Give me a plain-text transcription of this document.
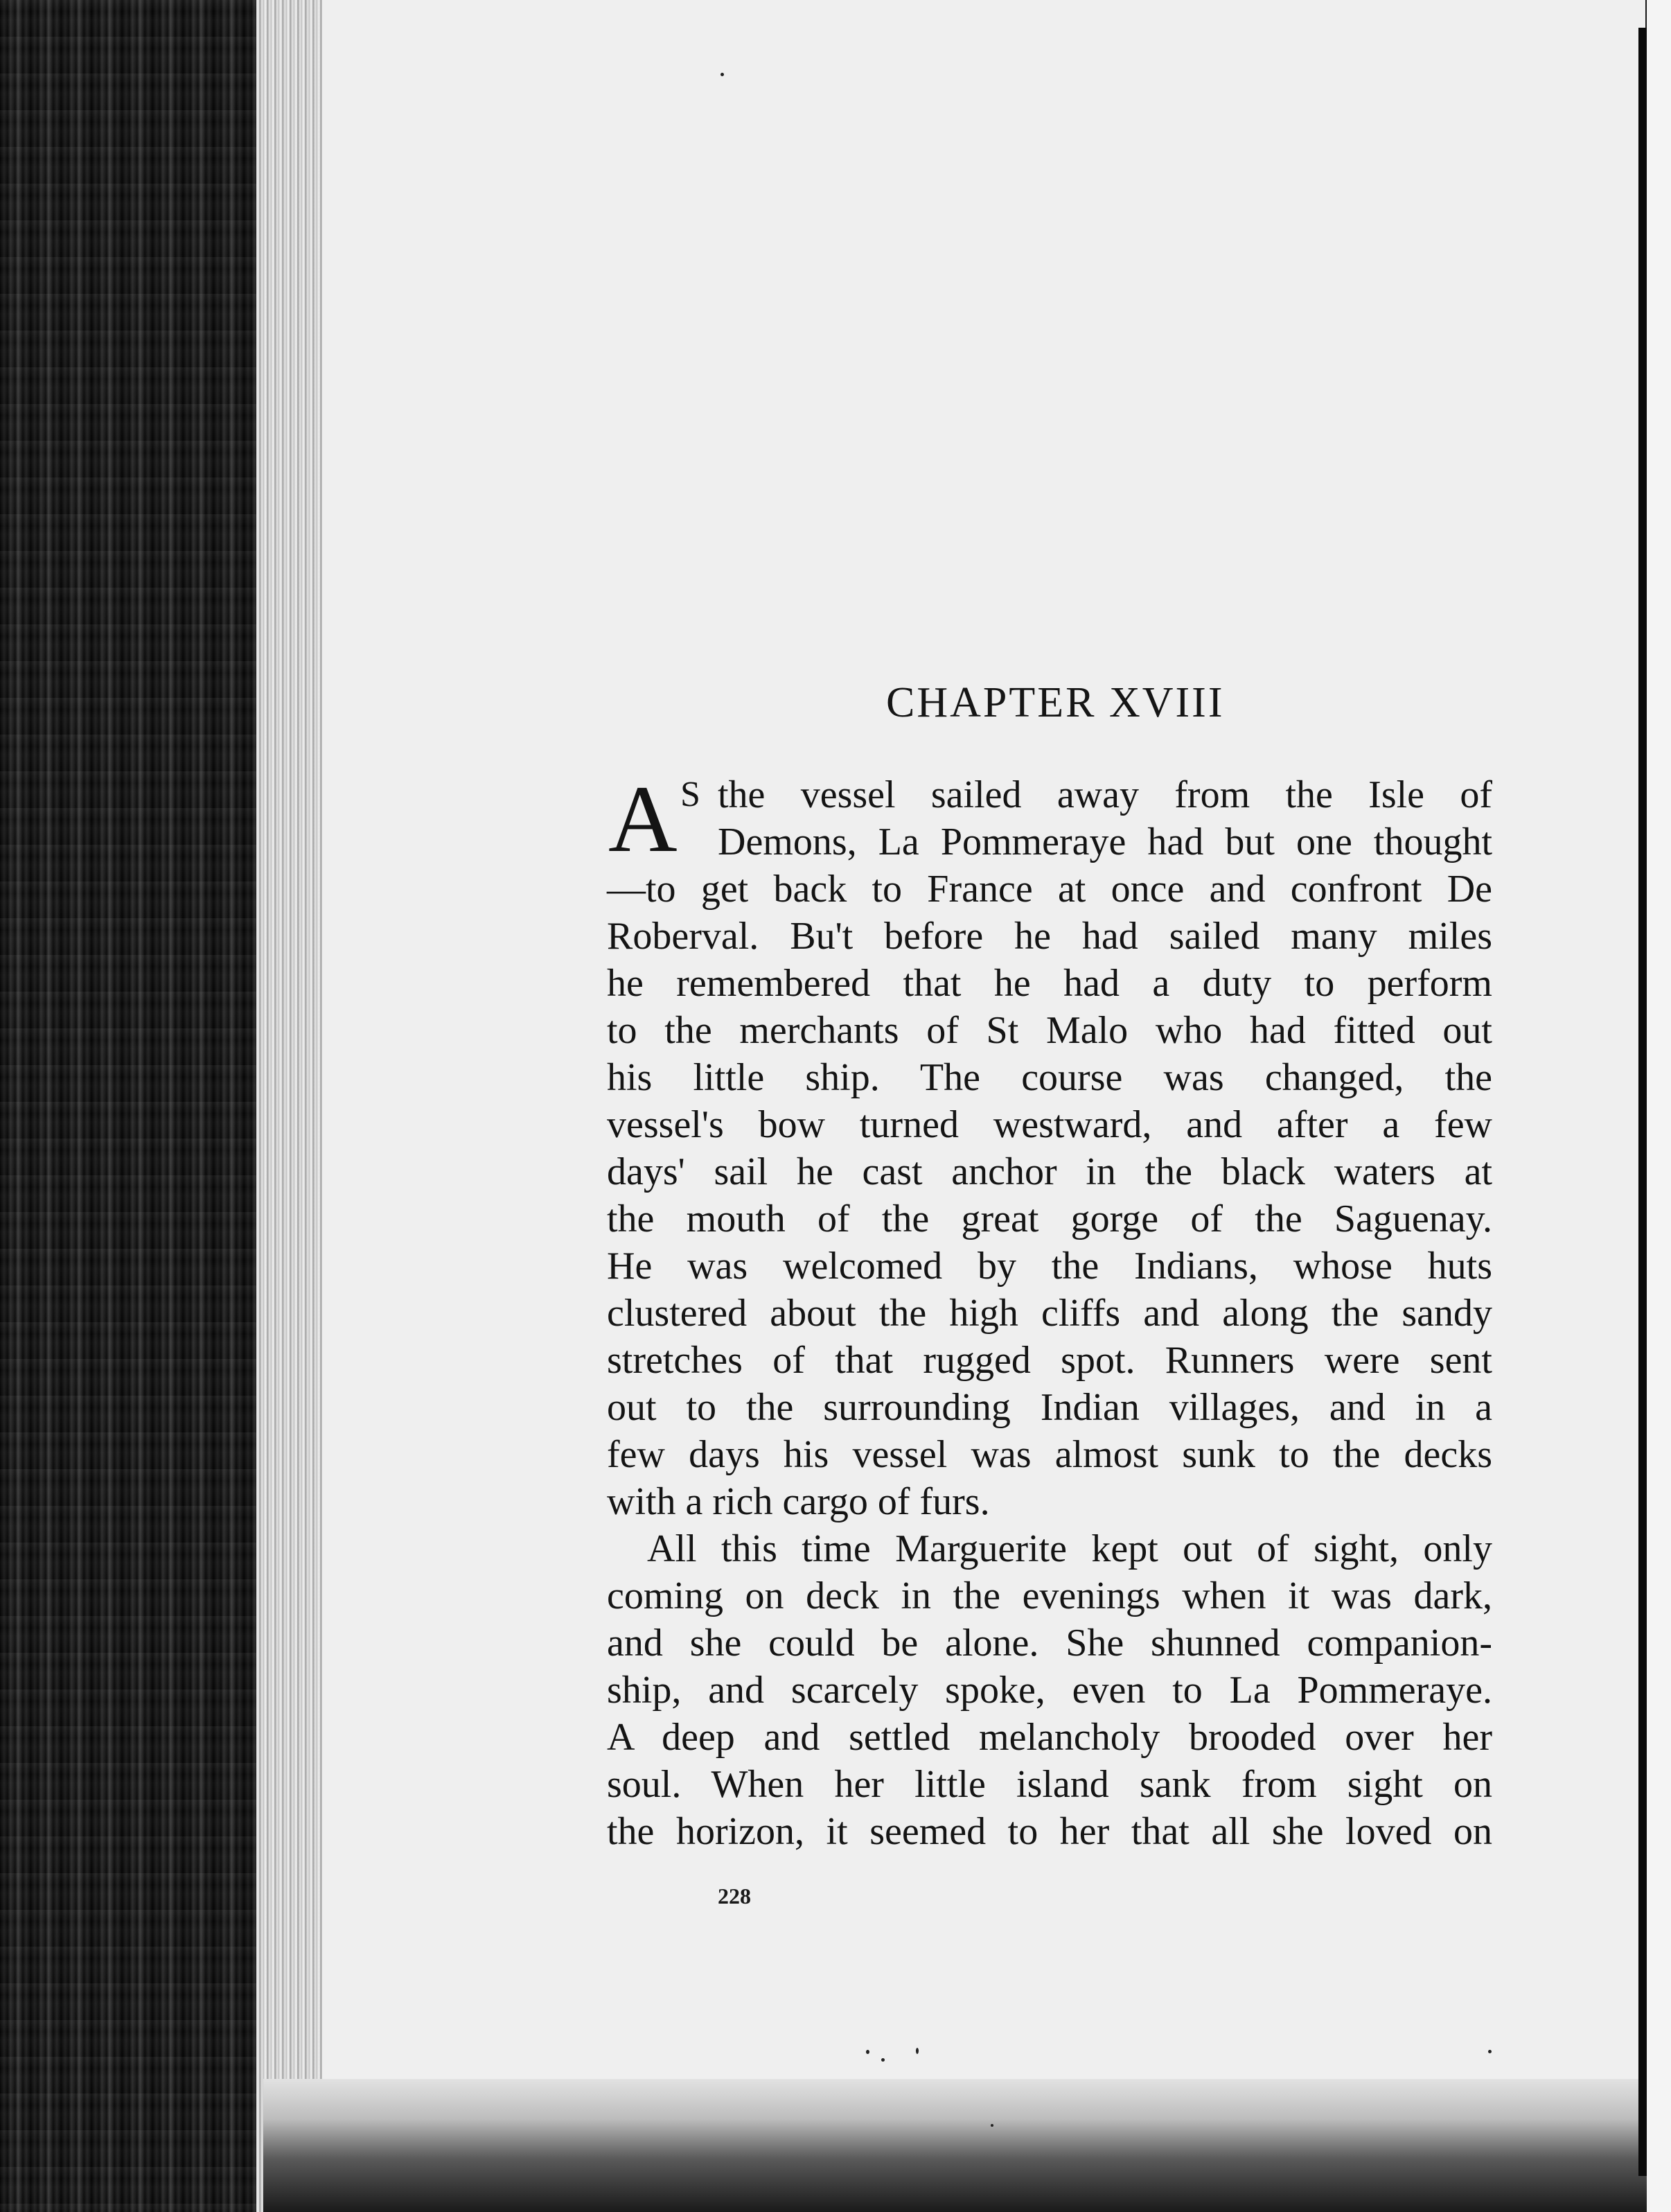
CHAPTER XVIII
A S the vessel sailed away from the Isle of
Demons, La Pommeraye had but one thought
—to get back to France at once and confront De
Roberval. Bu't before he had sailed many miles
he remembered that he had a duty to perform
to the merchants of St Malo who had fitted out
his little ship. The course was changed, the
vessel's bow turned westward, and after a few
days' sail he cast anchor in the black waters at
the mouth of the great gorge of the Saguenay.
He was welcomed by the Indians, whose huts
clustered about the high cliffs and along the sandy
stretches of that rugged spot. Runners were sent
out to the surrounding Indian villages, and in a
few days his vessel was almost sunk to the decks
with a rich cargo of furs.
All this time Marguerite kept out of sight, only
coming on deck in the evenings when it was dark,
and she could be alone. She shunned companion-
ship, and scarcely spoke, even to La Pommeraye.
A deep and settled melancholy brooded over her
soul. When her little island sank from sight on
the horizon, it seemed to her that all she loved on
228
